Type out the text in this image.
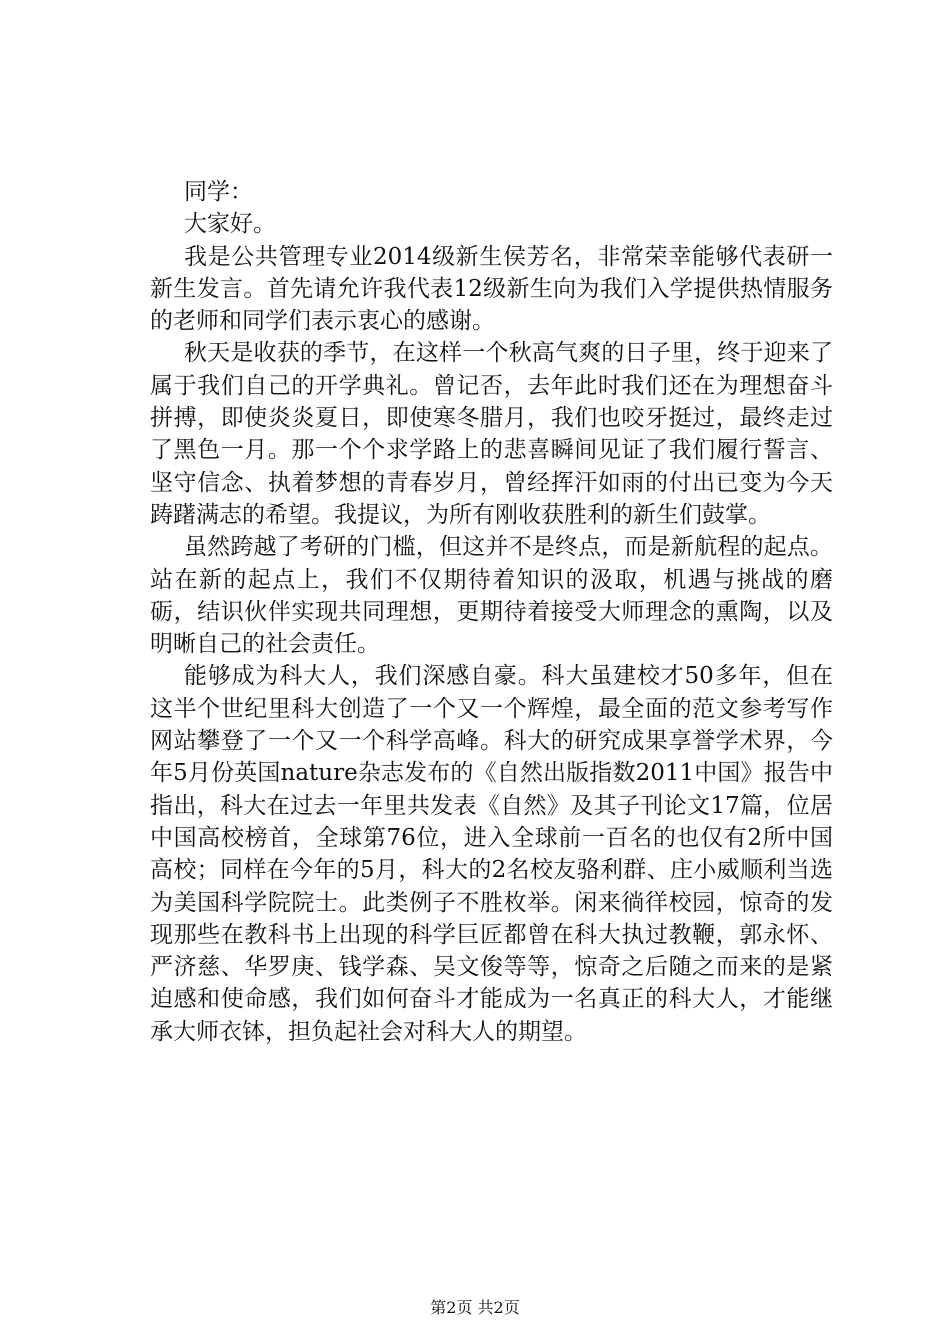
同学：

大家好。

我是公共管理专业2014级新生侯芳名，非常荣幸能够代表研一新生发言。首先请允许我代表12级新生向为我们入学提供热情服务的老师和同学们表示衷心的感谢。

秋天是收获的季节，在这样一个秋高气爽的日子里，终于迎来了属于我们自己的开学典礼。曾记否，去年此时我们还在为理想奋斗拼搏，即使炎炎夏日，即使寒冬腊月，我们也咬牙挺过，最终走过了黑色一月。那一个个求学路上的悲喜瞬间见证了我们履行誓言、坚守信念、执着梦想的青春岁月，曾经挥汗如雨的付出已变为今天踌躇满志的希望。我提议，为所有刚收获胜利的新生们鼓掌。

虽然跨越了考研的门槛，但这并不是终点，而是新航程的起点。站在新的起点上，我们不仅期待着知识的汲取，机遇与挑战的磨砺，结识伙伴实现共同理想，更期待着接受大师理念的熏陶，以及明晰自己的社会责任。

能够成为科大人，我们深感自豪。科大虽建校才50多年，但在这半个世纪里科大创造了一个又一个辉煌，最全面的范文参考写作网站攀登了一个又一个科学高峰。科大的研究成果享誉学术界，今年5月份英国nature杂志发布的《自然出版指数2011中国》报告中指出，科大在过去一年里共发表《自然》及其子刊论文17篇，位居中国高校榜首，全球第76位，进入全球前一百名的也仅有2所中国高校；同样在今年的5月，科大的2名校友骆利群、庄小威顺利当选为美国科学院院士。此类例子不胜枚举。闲来徜徉校园，惊奇的发现那些在教科书上出现的科学巨匠都曾在科大执过教鞭，郭永怀、严济慈、华罗庚、钱学森、吴文俊等等，惊奇之后随之而来的是紧迫感和使命感，我们如何奋斗才能成为一名真正的科大人，才能继承大师衣钵，担负起社会对科大人的期望。

第2页 共2页
